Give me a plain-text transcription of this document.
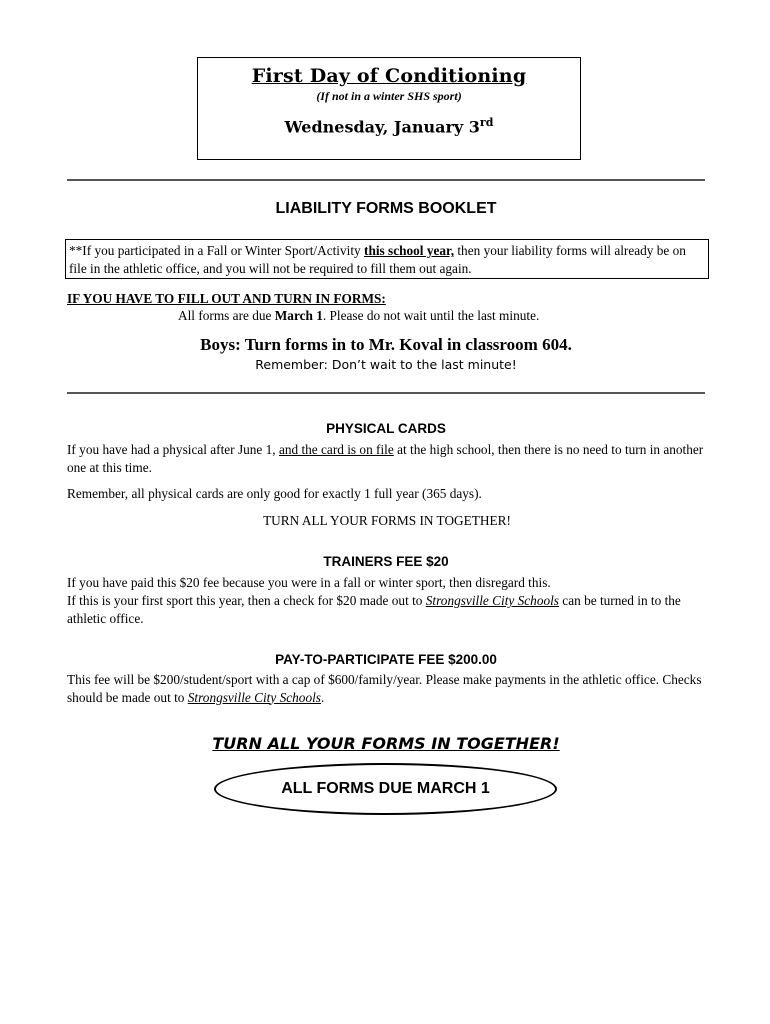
First Day of Conditioning
(If not in a winter SHS sport)
Wednesday, January 3rd
LIABILITY FORMS BOOKLET
**If you participated in a Fall or Winter Sport/Activity this school year, then your liability forms will already be on file in the athletic office, and you will not be required to fill them out again.
IF YOU HAVE TO FILL OUT AND TURN IN FORMS:
All forms are due March 1. Please do not wait until the last minute.
Boys: Turn forms in to Mr. Koval in classroom 604.
Remember: Don’t wait to the last minute!
PHYSICAL CARDS
If you have had a physical after June 1, and the card is on file at the high school, then there is no need to turn in another one at this time.
Remember, all physical cards are only good for exactly 1 full year (365 days).
TURN ALL YOUR FORMS IN TOGETHER!
TRAINERS FEE $20
If you have paid this $20 fee because you were in a fall or winter sport, then disregard this.
If this is your first sport this year, then a check for $20 made out to Strongsville City Schools can be turned in to the athletic office.
PAY-TO-PARTICIPATE FEE $200.00
This fee will be $200/student/sport with a cap of $600/family/year. Please make payments in the athletic office. Checks should be made out to Strongsville City Schools.
TURN ALL YOUR FORMS IN TOGETHER!
ALL FORMS DUE MARCH 1
